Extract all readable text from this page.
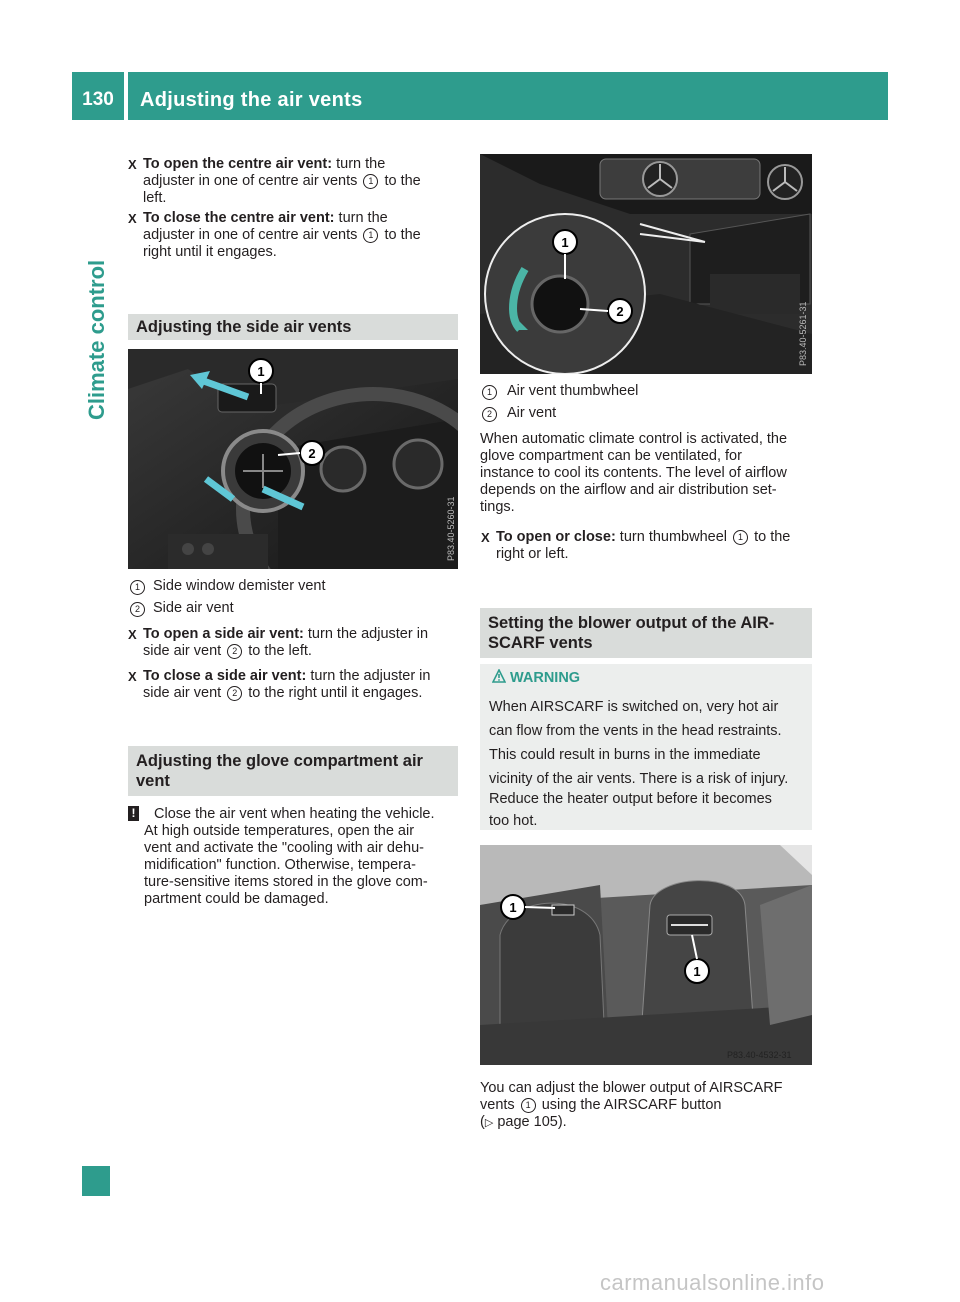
130	Adjusting the air vents
Climate control
X To open the centre air vent: turn the
adjuster in one of centre air vents 1 to the
left.
X To close the centre air vent: turn the
adjuster in one of centre air vents 1 to the
right until it engages.
Adjusting the side air vents
1
2
P83.40-5260-31
1 Side window demister vent
2 Side air vent
X To open a side air vent: turn the adjuster in
side air vent 2 to the left.
X To close a side air vent: turn the adjuster in
side air vent 2 to the right until it engages.
Adjusting the glove compartment air
vent
! Close the air vent when heating the vehicle.
At high outside temperatures, open the air
vent and activate the "cooling with air dehu-
midification" function. Otherwise, tempera-
ture-sensitive items stored in the glove com-
partment could be damaged.
1
2	P83.40-5261-31
1	Air vent thumbwheel
2	Air vent
When automatic climate control is activated, the
glove compartment can be ventilated, for
instance to cool its contents. The level of airflow
depends on the airflow and air distribution set-
tings.
X To open or close: turn thumbwheel 1 to the
right or left.
Setting the blower output of the AIR-
SCARF vents
WARNING
When AIRSCARF is switched on, very hot air
can flow from the vents in the head restraints.
This could result in burns in the immediate
vicinity of the air vents. There is a risk of injury.
Reduce the heater output before it becomes
too hot.
1
1
P83.40-4532-31
You can adjust the blower output of AIRSCARF
vents 1 using the AIRSCARF button
(▷ page 105).
carmanualsonline.info
